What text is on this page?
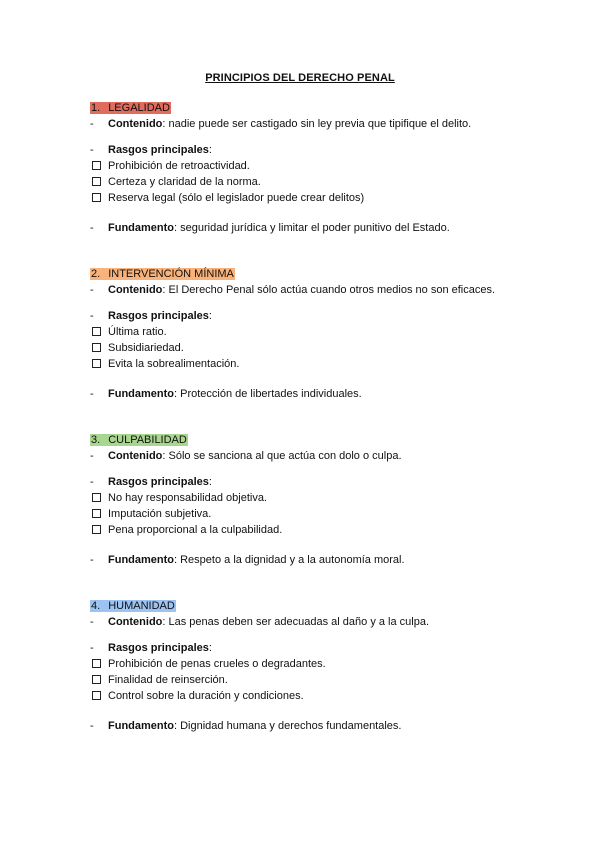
PRINCIPIOS DEL DERECHO PENAL
1. LEGALIDAD
- Contenido: nadie puede ser castigado sin ley previa que tipifique el delito.
- Rasgos principales:
Prohibición de retroactividad.
Certeza y claridad de la norma.
Reserva legal (sólo el legislador puede crear delitos)
- Fundamento: seguridad jurídica y limitar el poder punitivo del Estado.
2. INTERVENCIÓN MÍNIMA
- Contenido: El Derecho Penal sólo actúa cuando otros medios no son eficaces.
- Rasgos principales:
Última ratio.
Subsidiariedad.
Evita la sobrealimentación.
- Fundamento: Protección de libertades individuales.
3. CULPABILIDAD
- Contenido: Sólo se sanciona al que actúa con dolo o culpa.
- Rasgos principales:
No hay responsabilidad objetiva.
Imputación subjetiva.
Pena proporcional a la culpabilidad.
- Fundamento: Respeto a la dignidad y a la autonomía moral.
4. HUMANIDAD
- Contenido: Las penas deben ser adecuadas al daño y a la culpa.
- Rasgos principales:
Prohibición de penas crueles o degradantes.
Finalidad de reinserción.
Control sobre la duración y condiciones.
- Fundamento: Dignidad humana y derechos fundamentales.
